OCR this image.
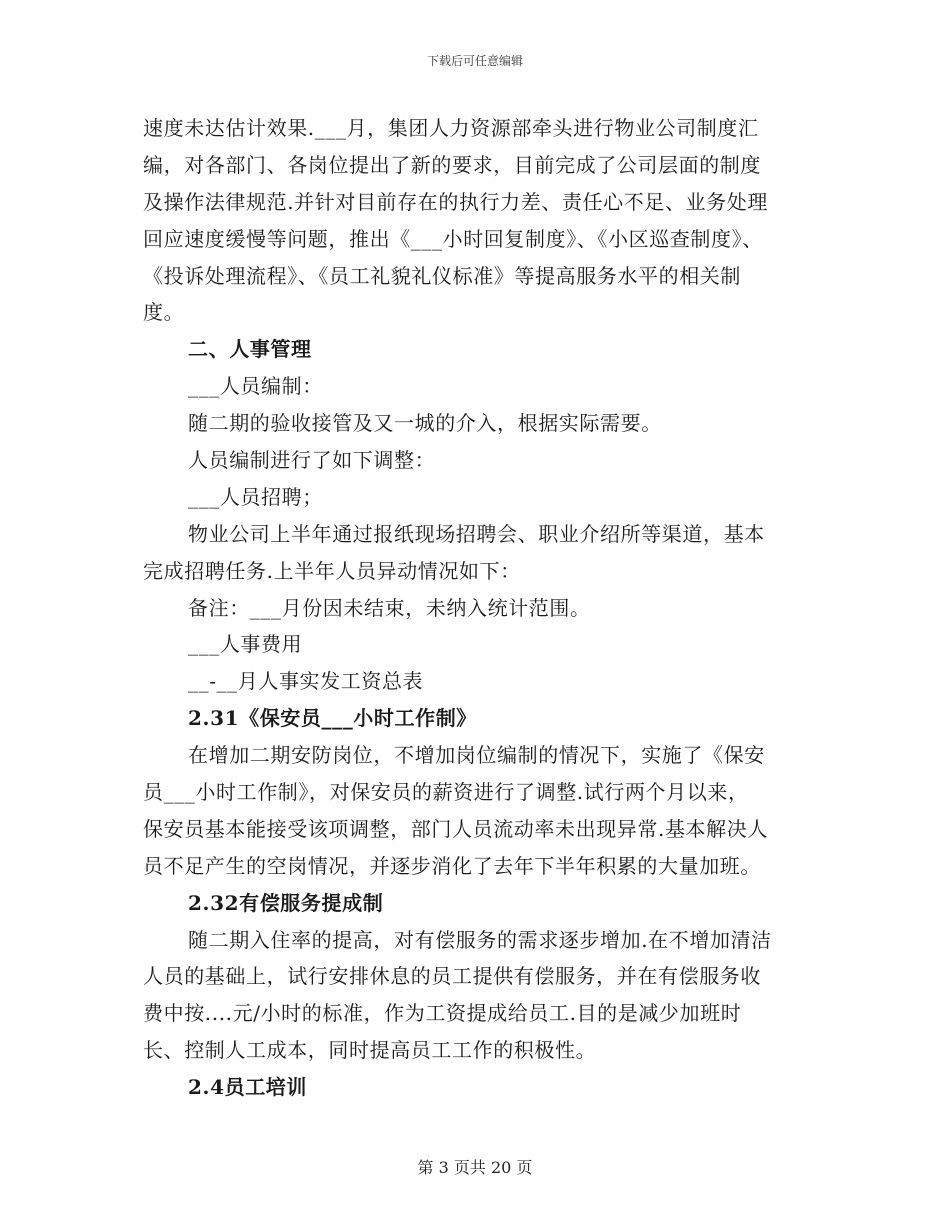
下载后可任意编辑
速度未达估计效果.___月，集团人力资源部牵头进行物业公司制度汇
编，对各部门、各岗位提出了新的要求，目前完成了公司层面的制度
及操作法律规范.并针对目前存在的执行力差、责任心不足、业务处理
回应速度缓慢等问题，推出《___小时回复制度》、《小区巡查制度》、
《投诉处理流程》、《员工礼貌礼仪标准》等提高服务水平的相关制
度。
二、人事管理
___人员编制：
随二期的验收接管及又一城的介入，根据实际需要。
人员编制进行了如下调整：
___人员招聘；
物业公司上半年通过报纸现场招聘会、职业介绍所等渠道，基本
完成招聘任务.上半年人员异动情况如下：
备注：___月份因未结束，未纳入统计范围。
___人事费用
__-__月人事实发工资总表
2.31《保安员___小时工作制》
在增加二期安防岗位，不增加岗位编制的情况下，实施了《保安
员___小时工作制》，对保安员的薪资进行了调整.试行两个月以来，
保安员基本能接受该项调整，部门人员流动率未出现异常.基本解决人
员不足产生的空岗情况，并逐步消化了去年下半年积累的大量加班。
2.32有偿服务提成制
随二期入住率的提高，对有偿服务的需求逐步增加.在不增加清洁
人员的基础上，试行安排休息的员工提供有偿服务，并在有偿服务收
费中按....元/小时的标准，作为工资提成给员工.目的是减少加班时
长、控制人工成本，同时提高员工工作的积极性。
2.4员工培训
第 3 页共 20 页
